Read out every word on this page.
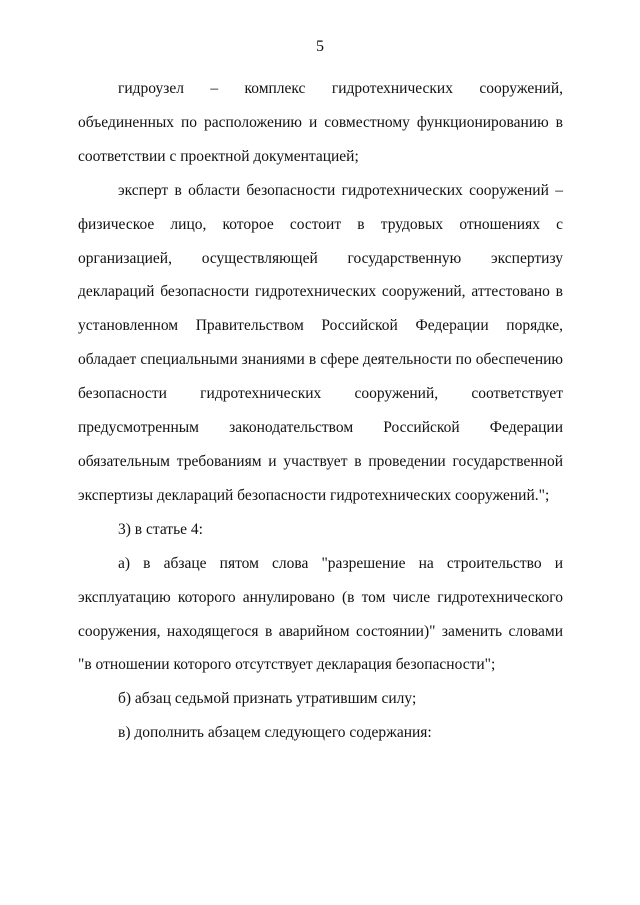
5

гидроузел – комплекс гидротехнических сооружений, объединенных по расположению и совместному функционированию в соответствии с проектной документацией;

эксперт в области безопасности гидротехнических сооружений – физическое лицо, которое состоит в трудовых отношениях с организацией, осуществляющей государственную экспертизу деклараций безопасности гидротехнических сооружений, аттестовано в установленном Правительством Российской Федерации порядке, обладает специальными знаниями в сфере деятельности по обеспечению безопасности гидротехнических сооружений, соответствует предусмотренным законодательством Российской Федерации обязательным требованиям и участвует в проведении государственной экспертизы деклараций безопасности гидротехнических сооружений.";

3) в статье 4:

а) в абзаце пятом слова "разрешение на строительство и эксплуатацию которого аннулировано (в том числе гидротехнического сооружения, находящегося в аварийном состоянии)" заменить словами "в отношении которого отсутствует декларация безопасности";

б) абзац седьмой признать утратившим силу;

в) дополнить абзацем следующего содержания:
